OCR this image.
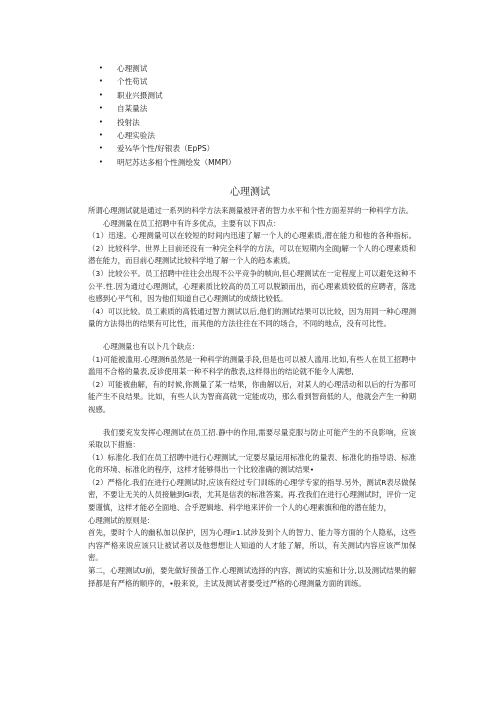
• 心理测试
• 个性苟试
• 职业兴摄测试
• 自某量法
• 投射法
• 心理实验法
• 爱¼华个性/好银表（EpPS）
• 明尼苏达多相个性测绘发（MMPI）
心理测试

所谓心理测试就是通过一系列的科学方法来测量被评者的智力水平和个性方面差异的一种科学方法。

心理测量在员工招聘中有许多优点，主要有以下四点：

（1）迅速。心理测量可以在较短的时间内迅速了解一个人的心理素质,潜在能力和他的各种指标。（2）比较科学。世界上目前还没有一种完全科学的方法，可以在短期内全面J解一个人的心理素质和潜在能力，而目前心理测试比较科学地了解一个人的趋本素质。

（3）比较公平。员工招聘中往往会出现不公平竞争的帧向,但心理测试在一定程度上可以避免这种不公平.性.因为通过心理测试，心理素质比较高的员工可以脱颖而出，而心理素质较低的应聘者，落选也感到心平气和，因为他们知道自己心理测试的成绩比较低。

（4）可以比较。员工素质的高低通过智力测试以后,他们的测试结果可以比较，因为用同一种心理测量的方法得出的结果有可比性，而其他的方法往往在不同的场合，不同的地点，没有可比性。

心理测量也有以卜几个缺点：

（1)可能被滥用.心理测fi虽然是一种科学的测量手段,但是也可以被人滥用.比如,有些人在员工招聘中滥用不合格的量表,反诊使用某一种不科学的散表,这样得出的结论就不能令人满想,

（2）可能被曲解，有的时候,你测量了某一结果，你曲解以后，对某人的心理活动和以后的行为都可能产生不良结果。比如，有些人认为智商高就一定能成功，那么看到智商低的人，他就会产生一种期视感。

我们要充发发挥心理测试在员工招.静中的作用,需要尽量克服与防止可能产生的不良影响，应该采取以下措施：

（1）标准化.我们在员工招聘中进行心理测试,一定要尽量运用标准化的量表、标准化的指导语、标准化的环境、标准化的程序，这样才能够得出一个比较准确的测试结果•

（2）严格化.我们在进行心理测试时,应该有经过专门训练的心理学专家的指导.另外，测试R表尽做保密，不要让无关的人员接触到Gi表，尤其是信表的标准答案。再.孜我们在进行心理测试时，评价一定要谨慎，这样才能必全面地、合乎逻辑地、科学地来评价一个人的心理素旗和他的潜在能力，

心理测试的原则是:

首先，要时个人的幽私加以保护，因为心理ir1.试涉及到个人的智力、能力等方面的个人隐私，这些内容严格来说应该只让被试者以及他想想让人知道的人才能了解，所以，有关测试内容应该严加保密。

第二，心理测试U前，要先做好预备工作.心理测试选择的内容、测试的实施和计分,以及测试结果的解择都是有严格的顺序的，•般来说，主试及测试者要受过严格的心理测量方面的训练。
